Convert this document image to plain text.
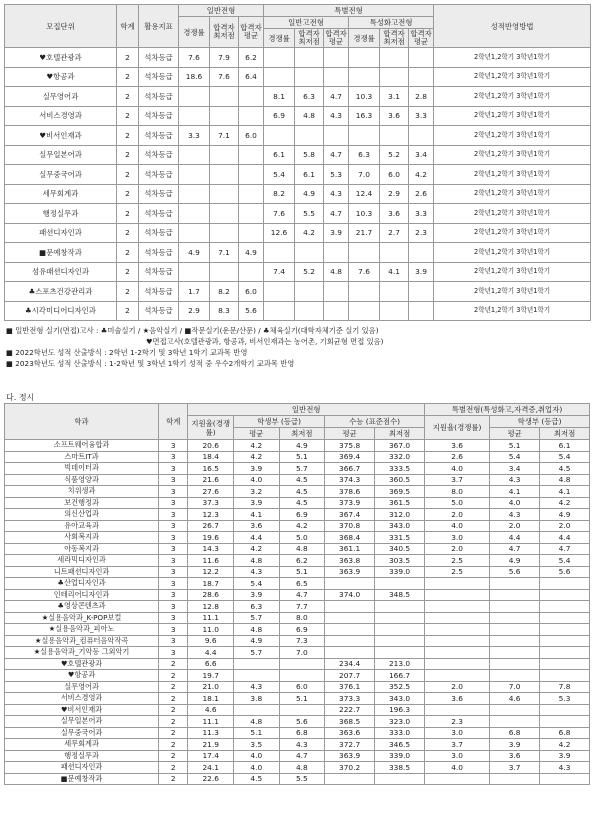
모집단위	학계	활용지표	일반전형			특별전형						성적반영방법
			경쟁률	합격자최저점	합격자평균	일반고전형			특성화고전형			
						경쟁률	합격자최저점	합격자평균	경쟁률	합격자최저점	합격자평균	
♥호텔관광과	2	석차등급	7.6	7.9	6.2							2학년1,2학기 3학년1학기
♥항공과	2	석차등급	18.6	7.6	6.4							2학년1,2학기 3학년1학기
실무영어과	2	석차등급				8.1	6.3	4.7	10.3	3.1	2.8	2학년1,2학기 3학년1학기
서비스경영과	2	석차등급				6.9	4.8	4.3	16.3	3.6	3.3	2학년1,2학기 3학년1학기
♥비서인재과	2	석차등급	3.3	7.1	6.0							2학년1,2학기 3학년1학기
실무일본어과	2	석차등급				6.1	5.8	4.7	6.3	5.2	3.4	2학년1,2학기 3학년1학기
실무중국어과	2	석차등급				5.4	6.1	5.3	7.0	6.0	4.2	2학년1,2학기 3학년1학기
세무회계과	2	석차등급				8.2	4.9	4.3	12.4	2.9	2.6	2학년1,2학기 3학년1학기
행정실무과	2	석차등급				7.6	5.5	4.7	10.3	3.6	3.3	2학년1,2학기 3학년1학기
패션디자인과	2	석차등급				12.6	4.2	3.9	21.7	2.7	2.3	2학년1,2학기 3학년1학기
■문예창작과	2	석차등급	4.9	7.1	4.9							2학년1,2학기 3학년1학기
섬유패션디자인과	2	석차등급				7.4	5.2	4.8	7.6	4.1	3.9	2학년1,2학기 3학년1학기
♣스포츠건강관리과	2	석차등급	1.7	8.2	6.0							2학년1,2학기 3학년1학기
♣시각미디어디자인과	2	석차등급	2.9	8.3	5.6							2학년1,2학기 3학년1학기
■ 일반전형 실기(면접)고사 : ♣미술실기 / ★음악실기 / ■작문실기(운문/산문) / ♣체육실기(대학자체기준 실기 있음)
♥면접고사(호텔관광과, 항공과, 비서인재과는 농어촌, 기회균형 면접 있음)
■ 2022학년도 성적 산출방식 : 2학년 1-2학기 및 3학년 1학기 교과목 반영
■ 2023학년도 성적 산출방식 : 1-2학년 및 3학년 1학기 성적 중 우수2개학기 교과목 반영
다. 정시
학과	학계	일반전형					특별전형(특성화고,자격증,취업자)		
		지원율(경쟁률)	학생부 (등급)		수능 (표준점수)		지원율(경쟁률)	학생부 (등급)	
			평균	최저점	평균	최저점		평균	최저점
소프트웨어융합과	3	20.6	4.2	4.9	375.8	367.0	3.6	5.1	6.1
스마트IT과	3	18.4	4.2	5.1	369.4	332.0	2.6	5.4	5.4
빅데이터과	3	16.5	3.9	5.7	366.7	333.5	4.0	3.4	4.5
식품영양과	3	21.6	4.0	4.5	374.3	360.5	3.7	4.3	4.8
치위생과	3	27.6	3.2	4.5	378.6	369.5	8.0	4.1	4.1
보건행정과	3	37.3	3.9	4.5	373.9	361.5	5.0	4.0	4.2
의신산업과	3	12.3	4.1	6.9	367.4	312.0	2.0	4.3	4.9
유아교육과	3	26.7	3.6	4.2	370.8	343.0	4.0	2.0	2.0
사회복지과	3	19.6	4.4	5.0	368.4	331.5	3.0	4.4	4.4
아동복지과	3	14.3	4.2	4.8	361.1	340.5	2.0	4.7	4.7
세라믹디자인과	3	11.6	4.8	6.2	363.8	303.5	2.5	4.9	5.4
니트패션디자인과	3	12.2	4.3	5.1	363.9	339.0	2.5	5.6	5.6
♣산업디자인과	3	18.7	5.4	6.5					
인테리어디자인과	3	28.6	3.9	4.7	374.0	348.5			
♣영상콘텐츠과	3	12.8	6.3	7.7					
★실용음악과_K-POP보컬	3	11.1	5.7	8.0					
★실용음악과_피아노	3	11.0	4.8	6.9					
★실용음악과_컴퓨터음악작곡	3	9.6	4.9	7.3					
★실용음악과_기악등 그외악기	3	4.4	5.7	7.0					
♥호텔관광과	2	6.6			234.4	213.0			
♥항공과	2	19.7			207.7	166.7			
실무영어과	2	21.0	4.3	6.0	376.1	352.5	2.0	7.0	7.8
서비스경영과	2	18.1	3.8	5.1	373.3	343.0	3.6	4.6	5.3
♥비서인재과	2	4.6			222.7	196.3			
실무일본어과	2	11.1	4.8	5.6	368.5	323.0	2.3		
실무중국어과	2	11.3	5.1	6.8	363.6	333.0	3.0	6.8	6.8
세무회계과	2	21.9	3.5	4.3	372.7	346.5	3.7	3.9	4.2
행정실무과	2	17.4	4.0	4.7	363.9	339.0	3.0	3.6	3.9
패션디자인과	2	24.1	4.0	4.8	370.2	338.5	4.0	3.7	4.3
■문예창작과	2	22.6	4.5	5.5					
